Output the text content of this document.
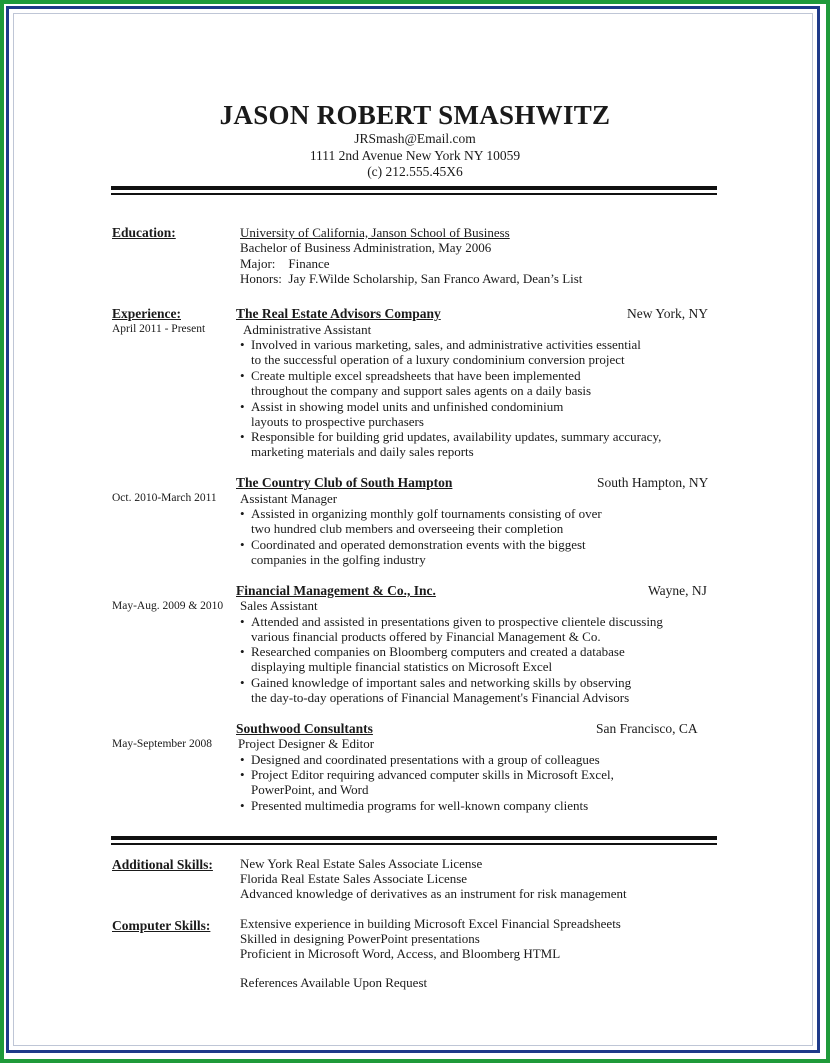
JASON ROBERT SMASHWITZ
JRSmash@Email.com
1111 2nd Avenue New York NY 10059
(c) 212.555.45X6
Education:	University of California, Janson School of Business
Bachelor of Business Administration, May 2006
Major:    Finance
Honors:  Jay F.Wilde Scholarship, San Franco Award, Dean’s List
Experience:	The Real Estate Advisors Company	New York, NY
April 2011 - Present	Administrative Assistant
• Involved in various marketing, sales, and administrative activities essential
to the successful operation of a luxury condominium conversion project
• Create multiple excel spreadsheets that have been implemented
throughout the company and support sales agents on a daily basis
• Assist in showing model units and unfinished condominium
layouts to prospective purchasers
• Responsible for building grid updates, availability updates, summary accuracy,
marketing materials and daily sales reports
The Country Club of South Hampton	South Hampton, NY
Oct. 2010-March 2011 Assistant Manager
• Assisted in organizing monthly golf tournaments consisting of over
two hundred club members and overseeing their completion
• Coordinated and operated demonstration events with the biggest
companies in the golfing industry
Financial Management & Co., Inc.	Wayne, NJ
May-Aug. 2009 & 2010 Sales Assistant
• Attended and assisted in presentations given to prospective clientele discussing
various financial products offered by Financial Management & Co.
• Researched companies on Bloomberg computers and created a database
displaying multiple financial statistics on Microsoft Excel
• Gained knowledge of important sales and networking skills by observing
the day-to-day operations of Financial Management's Financial Advisors
Southwood Consultants	San Francisco, CA
May-September 2008 Project Designer & Editor
• Designed and coordinated presentations with a group of colleagues
• Project Editor requiring advanced computer skills in Microsoft Excel,
PowerPoint, and Word
• Presented multimedia programs for well-known company clients
Additional Skills: New York Real Estate Sales Associate License
Florida Real Estate Sales Associate License
Advanced knowledge of derivatives as an instrument for risk management
Computer Skills: Extensive experience in building Microsoft Excel Financial Spreadsheets
Skilled in designing PowerPoint presentations
Proficient in Microsoft Word, Access, and Bloomberg HTML
References Available Upon Request
